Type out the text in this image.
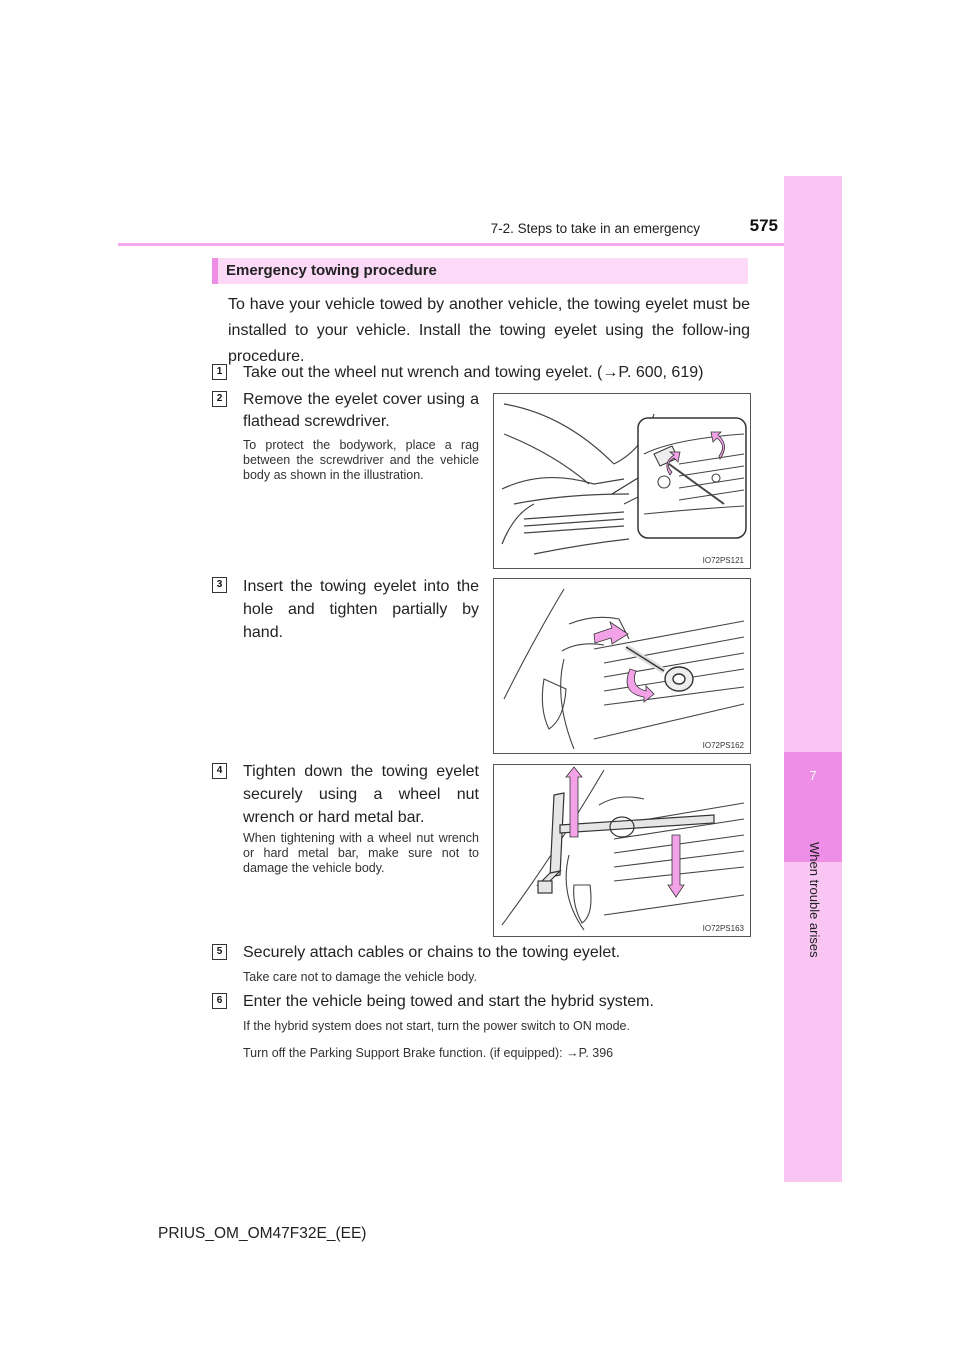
7
When trouble arises
7-2. Steps to take in an emergency	575
Emergency towing procedure
To have your vehicle towed by another vehicle, the towing eyelet must be installed to your vehicle. Install the towing eyelet using the follow-ing procedure.
1 Take out the wheel nut wrench and towing eyelet. (→P. 600, 619)
2 Remove the eyelet cover using a flathead screwdriver.
To protect the bodywork, place a rag between the screwdriver and the vehicle body as shown in the illustration.
IO72PS121
3 Insert the towing eyelet into the hole and tighten partially by hand.
IO72PS162
4 Tighten down the towing eyelet securely using a wheel nut wrench or hard metal bar.
When tightening with a wheel nut wrench or hard metal bar, make sure not to damage the vehicle body.
IO72PS163
5 Securely attach cables or chains to the towing eyelet.
Take care not to damage the vehicle body.
6 Enter the vehicle being towed and start the hybrid system.
If the hybrid system does not start, turn the power switch to ON mode.
Turn off the Parking Support Brake function. (if equipped): →P. 396
PRIUS_OM_OM47F32E_(EE)
